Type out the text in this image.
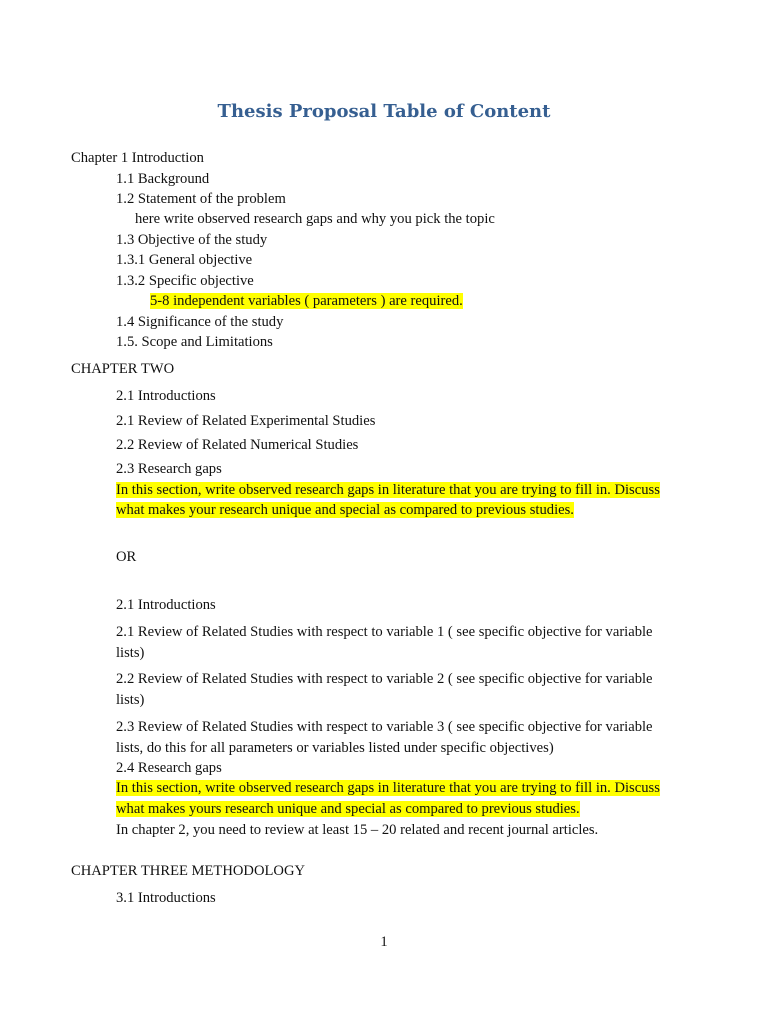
Thesis Proposal Table of Content

Chapter 1 Introduction

1.1 Background

1.2 Statement of the problem

here write observed research gaps and why you pick the topic

1.3 Objective of the study

1.3.1 General objective

1.3.2 Specific objective

5-8 independent variables ( parameters ) are required.

1.4 Significance of the study

1.5. Scope and Limitations

CHAPTER TWO

2.1 Introductions

2.1 Review of Related Experimental Studies

2.2 Review of Related Numerical Studies

2.3 Research gaps

In this section, write observed research gaps in literature that you are trying to fill in. Discuss

what makes your research unique and special as compared to previous studies.

OR

2.1 Introductions

2.1 Review of Related Studies with respect to variable 1 ( see specific objective for variable

lists)

2.2 Review of Related Studies with respect to variable 2 ( see specific objective for variable

lists)

2.3 Review of Related Studies with respect to variable 3 ( see specific objective for variable

lists, do this for all parameters or variables listed under specific objectives)

2.4 Research gaps

In this section, write observed research gaps in literature that you are trying to fill in. Discuss

what makes yours research unique and special as compared to previous studies.

In chapter 2, you need to review at least 15 – 20 related and recent journal articles.

CHAPTER THREE METHODOLOGY

3.1 Introductions

1
